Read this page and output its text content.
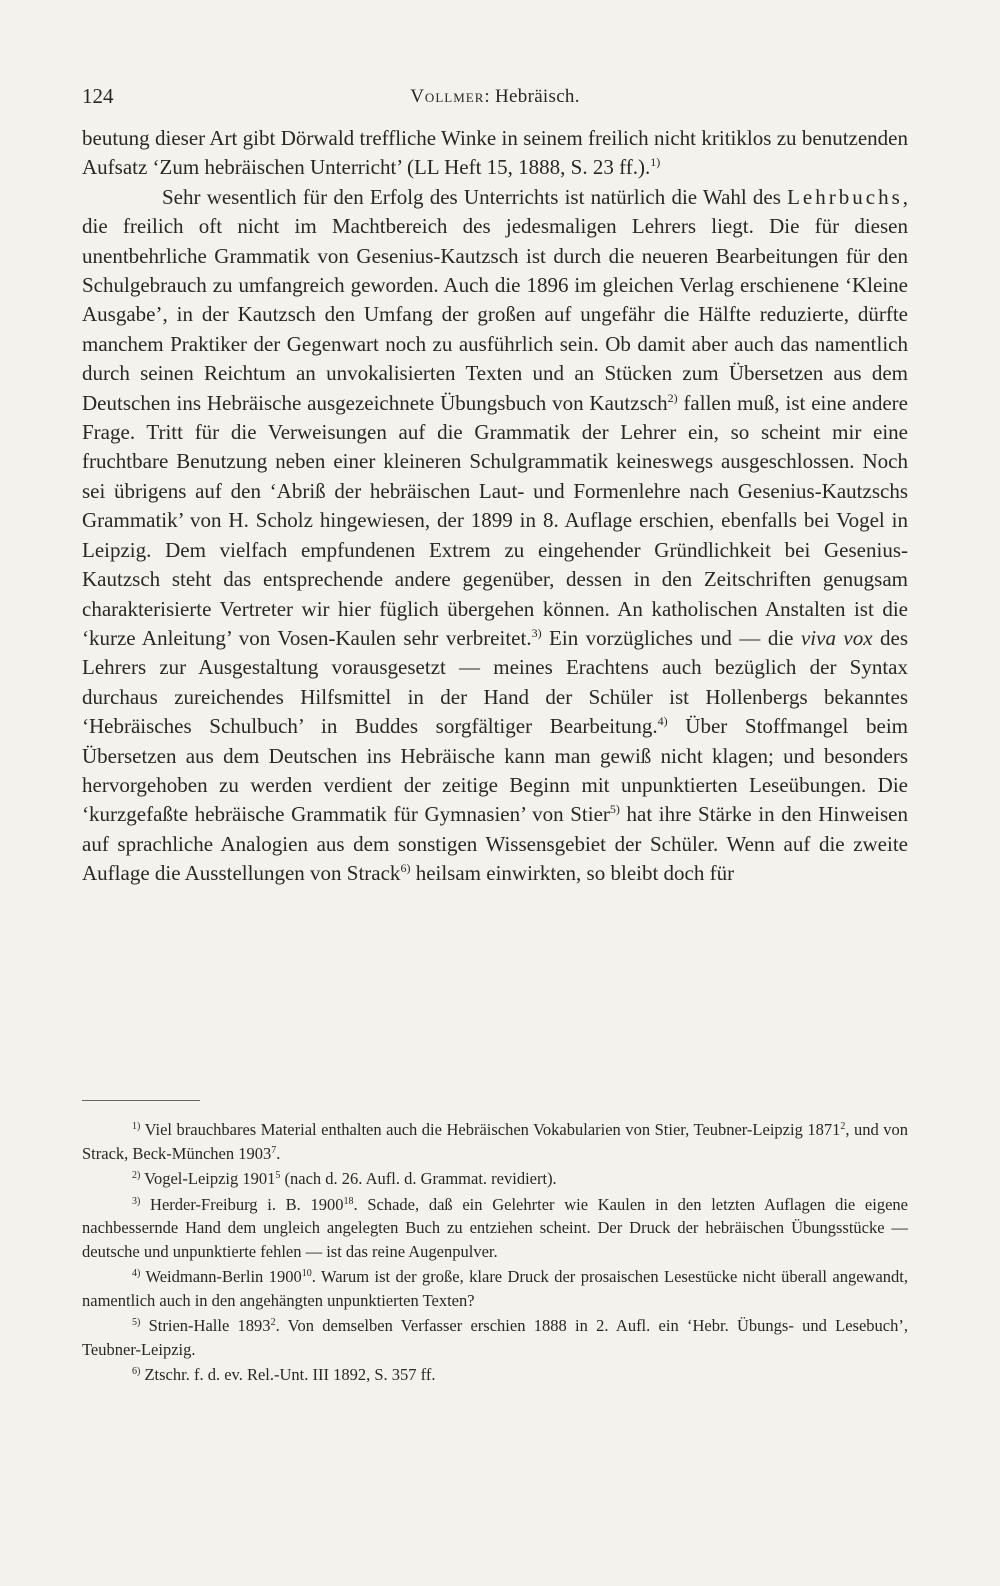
124	Vollmer: Hebräisch.

beutung dieser Art gibt Dörwald treffliche Winke in seinem freilich nicht kritiklos zu benutzenden Aufsatz ‘Zum hebräischen Unterricht’ (LL Heft 15, 1888, S. 23 ff.).$^{1)}$

Sehr wesentlich für den Erfolg des Unterrichts ist natürlich die Wahl des Lehrbuchs, die freilich oft nicht im Machtbereich des jedesmaligen Lehrers liegt. Die für diesen unentbehrliche Grammatik von Gesenius-Kautzsch ist durch die neueren Bearbeitungen für den Schulgebrauch zu umfangreich geworden. Auch die 1896 im gleichen Verlag erschienene ‘Kleine Ausgabe’, in der Kautzsch den Umfang der großen auf ungefähr die Hälfte reduzierte, dürfte manchem Praktiker der Gegenwart noch zu ausführlich sein. Ob damit aber auch das namentlich durch seinen Reichtum an unvokalisierten Texten und an Stücken zum Übersetzen aus dem Deutschen ins Hebräische ausgezeichnete Übungsbuch von Kautzsch$^{2)}$ fallen muß, ist eine andere Frage. Tritt für die Verweisungen auf die Grammatik der Lehrer ein, so scheint mir eine fruchtbare Benutzung neben einer kleineren Schulgrammatik keineswegs ausgeschlossen. Noch sei übrigens auf den ‘Abriß der hebräischen Laut- und Formenlehre nach Gesenius-Kautzschs Grammatik’ von H. Scholz hingewiesen, der 1899 in 8. Auflage erschien, ebenfalls bei Vogel in Leipzig. Dem vielfach empfundenen Extrem zu eingehender Gründlichkeit bei Gesenius-Kautzsch steht das entsprechende andere gegenüber, dessen in den Zeitschriften genugsam charakterisierte Vertreter wir hier füglich übergehen können. An katholischen Anstalten ist die ‘kurze Anleitung’ von Vosen-Kaulen sehr verbreitet.$^{3)}$ Ein vorzügliches und — die viva vox des Lehrers zur Ausgestaltung vorausgesetzt — meines Erachtens auch bezüglich der Syntax durchaus zureichendes Hilfsmittel in der Hand der Schüler ist Hollenbergs bekanntes ‘Hebräisches Schulbuch’ in Buddes sorgfältiger Bearbeitung.$^{4)}$ Über Stoffmangel beim Übersetzen aus dem Deutschen ins Hebräische kann man gewiß nicht klagen; und besonders hervorgehoben zu werden verdient der zeitige Beginn mit unpunktierten Leseübungen. Die ‘kurzgefaßte hebräische Grammatik für Gymnasien’ von Stier$^{5)}$ hat ihre Stärke in den Hinweisen auf sprachliche Analogien aus dem sonstigen Wissensgebiet der Schüler. Wenn auf die zweite Auflage die Ausstellungen von Strack$^{6)}$ heilsam einwirkten, so bleibt doch für

$^{1)}$ Viel brauchbares Material enthalten auch die Hebräischen Vokabularien von Stier, Teubner-Leipzig 1871$^2$, und von Strack, Beck-München 1903$^7$.

$^{2)}$ Vogel-Leipzig 1901$^5$ (nach d. 26. Aufl. d. Grammat. revidiert).

$^{3)}$ Herder-Freiburg i. B. 1900$^{18}$. Schade, daß ein Gelehrter wie Kaulen in den letzten Auflagen die eigene nachbessernde Hand dem ungleich angelegten Buch zu entziehen scheint. Der Druck der hebräischen Übungsstücke — deutsche und unpunktierte fehlen — ist das reine Augenpulver.

$^{4)}$ Weidmann-Berlin 1900$^{10}$. Warum ist der große, klare Druck der prosaischen Lesestücke nicht überall angewandt, namentlich auch in den angehängten unpunktierten Texten?

$^{5)}$ Strien-Halle 1893$^2$. Von demselben Verfasser erschien 1888 in 2. Aufl. ein ‘Hebr. Übungs- und Lesebuch’, Teubner-Leipzig.

$^{6)}$ Ztschr. f. d. ev. Rel.-Unt. III 1892, S. 357 ff.
